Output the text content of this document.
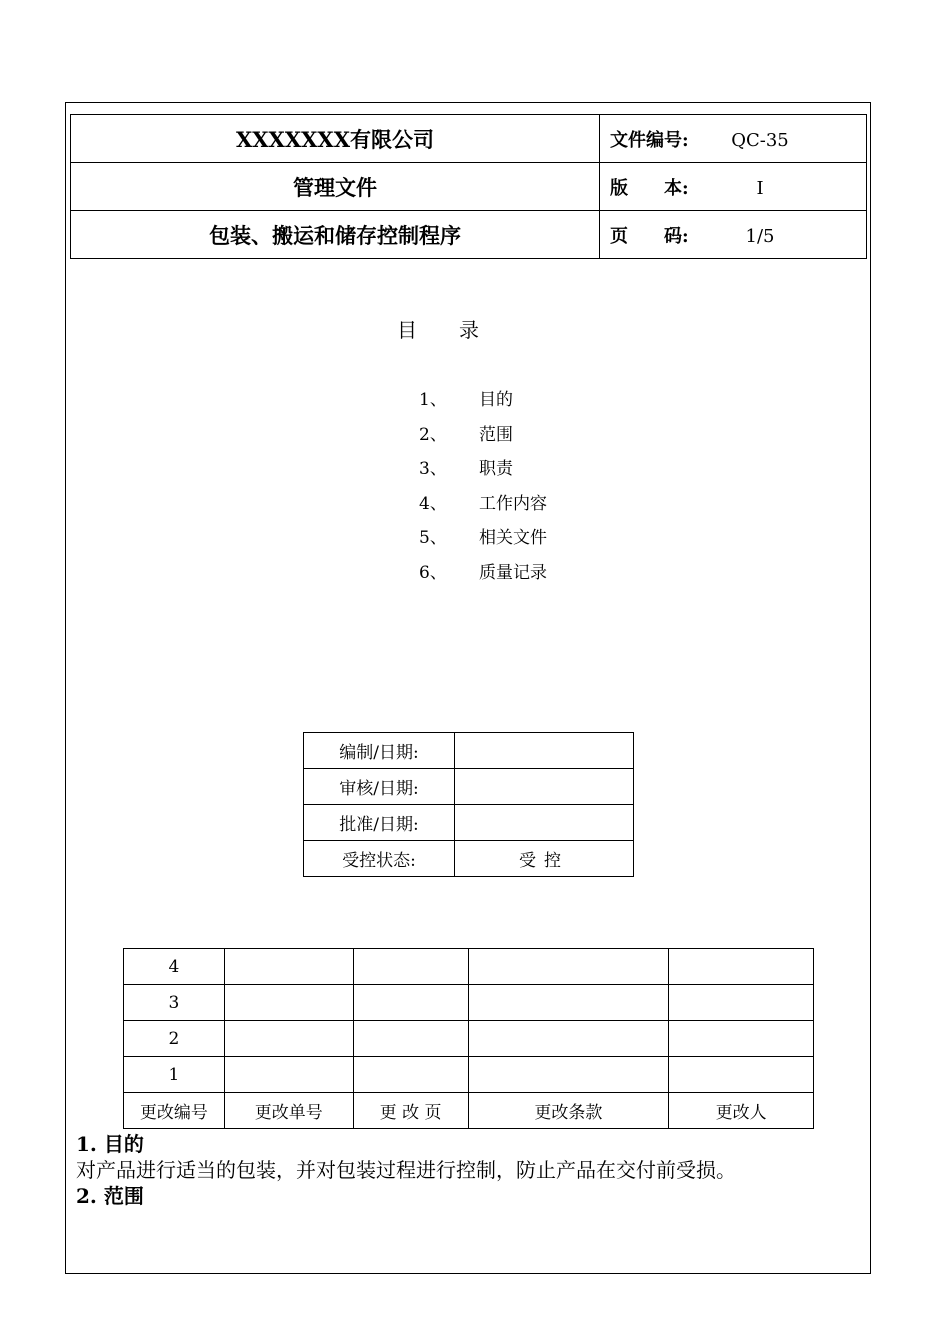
XXXXXXX有限公司	文件编号: QC-35
管理文件	版　　本: I
包装、搬运和储存控制程序	页　　码: 1/5
目录
1、 目的
2、 范围
3、 职责
4、 工作内容
5、 相关文件
6、 质量记录
编制/日期:	
审核/日期:	
批准/日期:	
受控状态:	受控
4				
3				
2				
1				
更改编号	更改单号	更 改 页	更改条款	更改人
1. 目的
对产品进行适当的包装，并对包装过程进行控制，防止产品在交付前受损。
2. 范围
